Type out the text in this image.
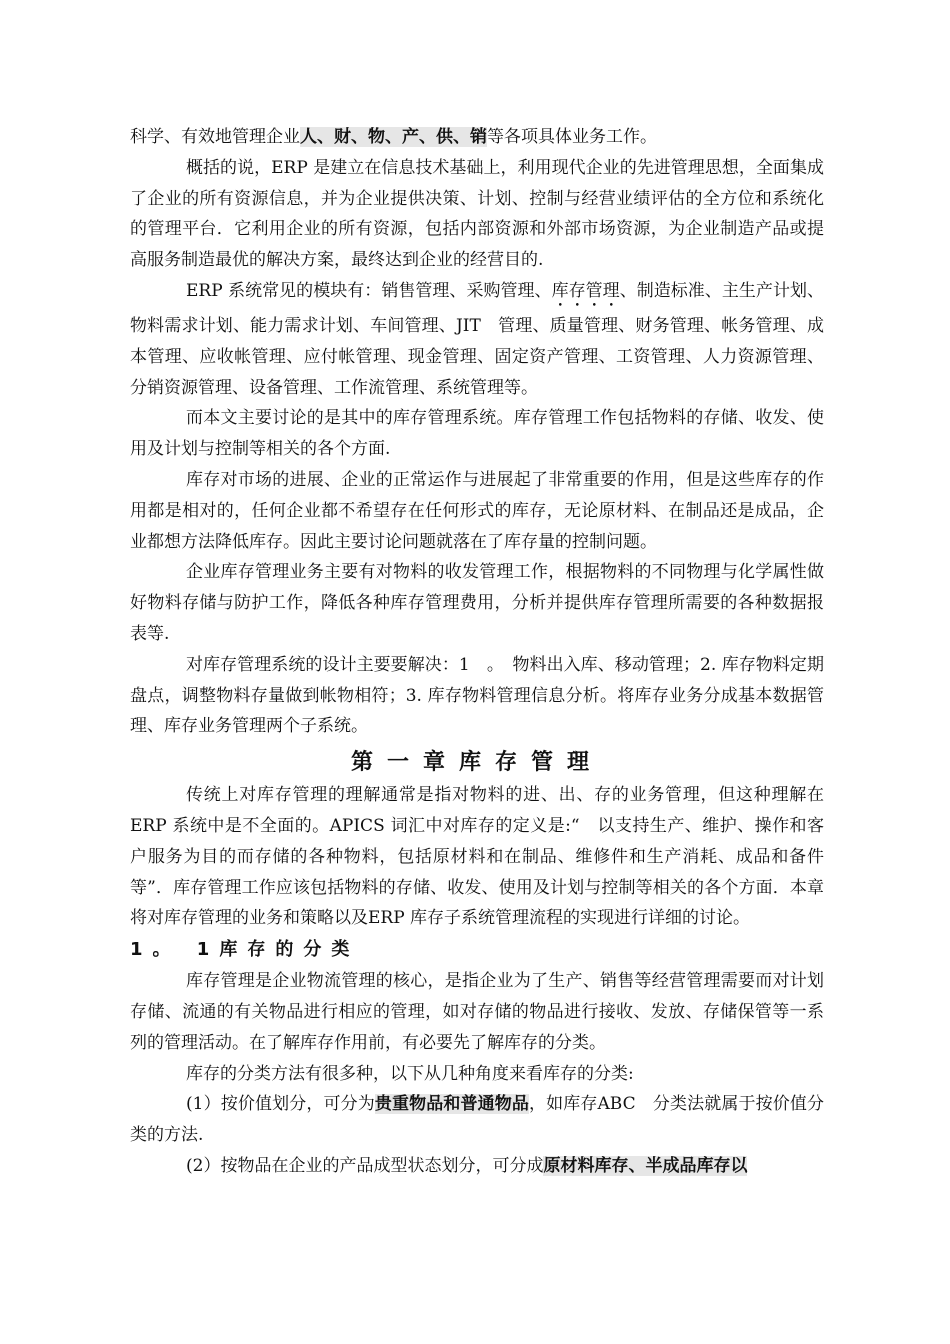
科学、有效地管理企业人、财、物、产、供、销等各项具体业务工作。

概括的说，ERP 是建立在信息技术基础上，利用现代企业的先进管理思想，全面集成了企业的所有资源信息，并为企业提供决策、计划、控制与经营业绩评估的全方位和系统化的管理平台．它利用企业的所有资源，包括内部资源和外部市场资源，为企业制造产品或提高服务制造最优的解决方案，最终达到企业的经营目的.

ERP 系统常见的模块有：销售管理、采购管理、库存管理、制造标准、主生产计划、物料需求计划、能力需求计划、车间管理、JIT　管理、质量管理、财务管理、帐务管理、成本管理、应收帐管理、应付帐管理、现金管理、固定资产管理、工资管理、人力资源管理、分销资源管理、设备管理、工作流管理、系统管理等。

而本文主要讨论的是其中的库存管理系统。库存管理工作包括物料的存储、收发、使用及计划与控制等相关的各个方面.

库存对市场的进展、企业的正常运作与进展起了非常重要的作用，但是这些库存的作用都是相对的，任何企业都不希望存在任何形式的库存，无论原材料、在制品还是成品，企业都想方法降低库存。因此主要讨论问题就落在了库存量的控制问题。

企业库存管理业务主要有对物料的收发管理工作，根据物料的不同物理与化学属性做好物料存储与防护工作，降低各种库存管理费用，分析并提供库存管理所需要的各种数据报表等.

对库存管理系统的设计主要要解决：1　。　物料出入库、移动管理；2. 库存物料定期盘点，调整物料存量做到帐物相符；3. 库存物料管理信息分析。将库存业务分成基本数据管理、库存业务管理两个子系统。

第一章库存管理

传统上对库存管理的理解通常是指对物料的进、出、存的业务管理，但这种理解在ERP 系统中是不全面的。APICS 词汇中对库存的定义是:“　以支持生产、维护、操作和客户服务为目的而存储的各种物料，包括原材料和在制品、维修件和生产消耗、成品和备件等”．库存管理工作应该包括物料的存储、收发、使用及计划与控制等相关的各个方面．本章将对库存管理的业务和策略以及ERP 库存子系统管理流程的实现进行详细的讨论。

1。 1库存的分类

库存管理是企业物流管理的核心，是指企业为了生产、销售等经营管理需要而对计划存储、流通的有关物品进行相应的管理，如对存储的物品进行接收、发放、存储保管等一系列的管理活动。在了解库存作用前，有必要先了解库存的分类。

库存的分类方法有很多种，以下从几种角度来看库存的分类:

(1）按价值划分，可分为贵重物品和普通物品，如库存ABC　分类法就属于按价值分类的方法.

(2）按物品在企业的产品成型状态划分，可分成原材料库存、半成品库存以
